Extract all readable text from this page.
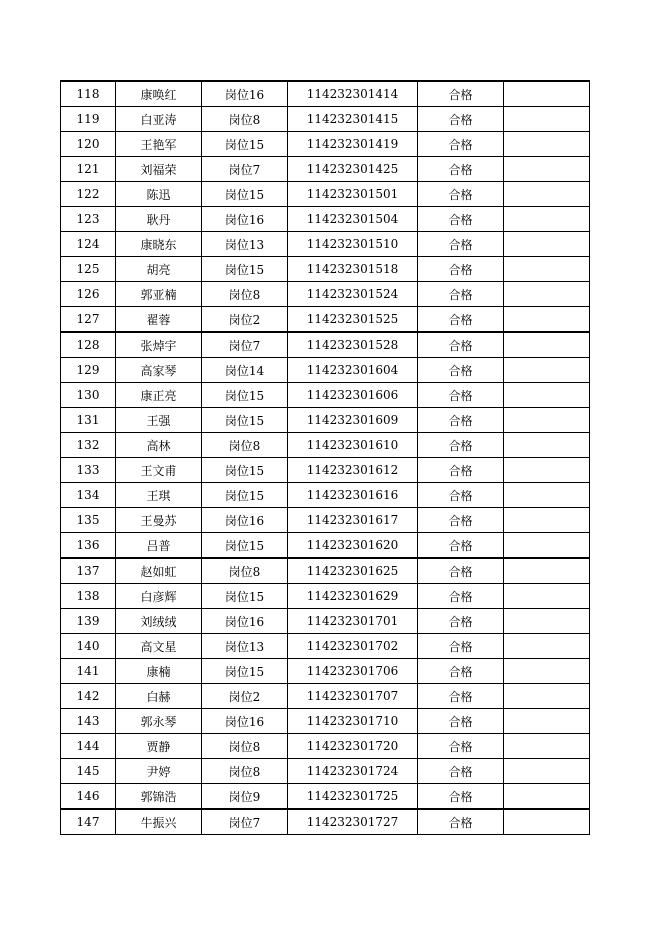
118	康唤红	岗位16	114232301414	合格	
119	白亚涛	岗位8	114232301415	合格	
120	王艳军	岗位15	114232301419	合格	
121	刘福荣	岗位7	114232301425	合格	
122	陈迅	岗位15	114232301501	合格	
123	耿丹	岗位16	114232301504	合格	
124	康晓东	岗位13	114232301510	合格	
125	胡亮	岗位15	114232301518	合格	
126	郭亚楠	岗位8	114232301524	合格	
127	翟蓉	岗位2	114232301525	合格	
128	张焯宇	岗位7	114232301528	合格	
129	高家琴	岗位14	114232301604	合格	
130	康正亮	岗位15	114232301606	合格	
131	王强	岗位15	114232301609	合格	
132	高林	岗位8	114232301610	合格	
133	王文甫	岗位15	114232301612	合格	
134	王琪	岗位15	114232301616	合格	
135	王曼苏	岗位16	114232301617	合格	
136	吕普	岗位15	114232301620	合格	
137	赵如虹	岗位8	114232301625	合格	
138	白彦辉	岗位15	114232301629	合格	
139	刘绒绒	岗位16	114232301701	合格	
140	高文星	岗位13	114232301702	合格	
141	康楠	岗位15	114232301706	合格	
142	白赫	岗位2	114232301707	合格	
143	郭永琴	岗位16	114232301710	合格	
144	贾静	岗位8	114232301720	合格	
145	尹婷	岗位8	114232301724	合格	
146	郭锦浩	岗位9	114232301725	合格	
147	牛振兴	岗位7	114232301727	合格	
